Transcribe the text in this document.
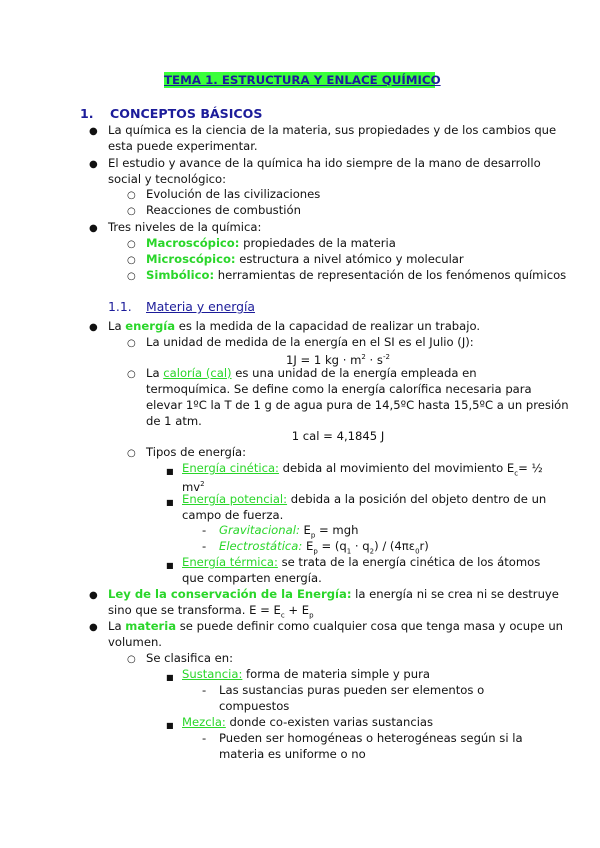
TEMA 1. ESTRUCTURA Y ENLACE QUÍMICO
1. CONCEPTOS BÁSICOS
● La química es la ciencia de la materia, sus propiedades y de los cambios que
esta puede experimentar.
● El estudio y avance de la química ha ido siempre de la mano de desarrollo
social y tecnológico:
○ Evolución de las civilizaciones
○ Reacciones de combustión
● Tres niveles de la química:
○ Macroscópico: propiedades de la materia
○ Microscópico: estructura a nivel atómico y molecular
○ Simbólico: herramientas de representación de los fenómenos químicos
1.1. Materia y energía
● La energía es la medida de la capacidad de realizar un trabajo.
○ La unidad de medida de la energía en el SI es el Julio (J):
1J = 1 kg · $m^2 \cdot s^{-2}$
○ La caloría (cal) es una unidad de la energía empleada en
termoquímica. Se define como la energía calorífica necesaria para
elevar 1ºC la T de 1 g de agua pura de 14,5ºC hasta 15,5ºC a un presión
de 1 atm.
1 cal = 4,1845 J
○ Tipos de energía:
■ Energía cinética: debida al movimiento del movimiento $E_c=$ ½
$mv^2$
■ Energía potencial: debida a la posición del objeto dentro de un
campo de fuerza.
- Gravitacional: $E_p$ = mgh
- Electrostática: $E_p = (q_1 \cdot q_2) / (4\pi\varepsilon_0r)$
■ Energía térmica: se trata de la energía cinética de los átomos
que comparten energía.
● Ley de la conservación de la Energía: la energía ni se crea ni se destruye
sino que se transforma. $E = E_c + E_p$
● La materia se puede definir como cualquier cosa que tenga masa y ocupe un
volumen.
○ Se clasifica en:
■ Sustancia: forma de materia simple y pura
- Las sustancias puras pueden ser elementos o
compuestos
■ Mezcla: donde co-existen varias sustancias
- Pueden ser homogéneas o heterogéneas según si la
materia es uniforme o no
